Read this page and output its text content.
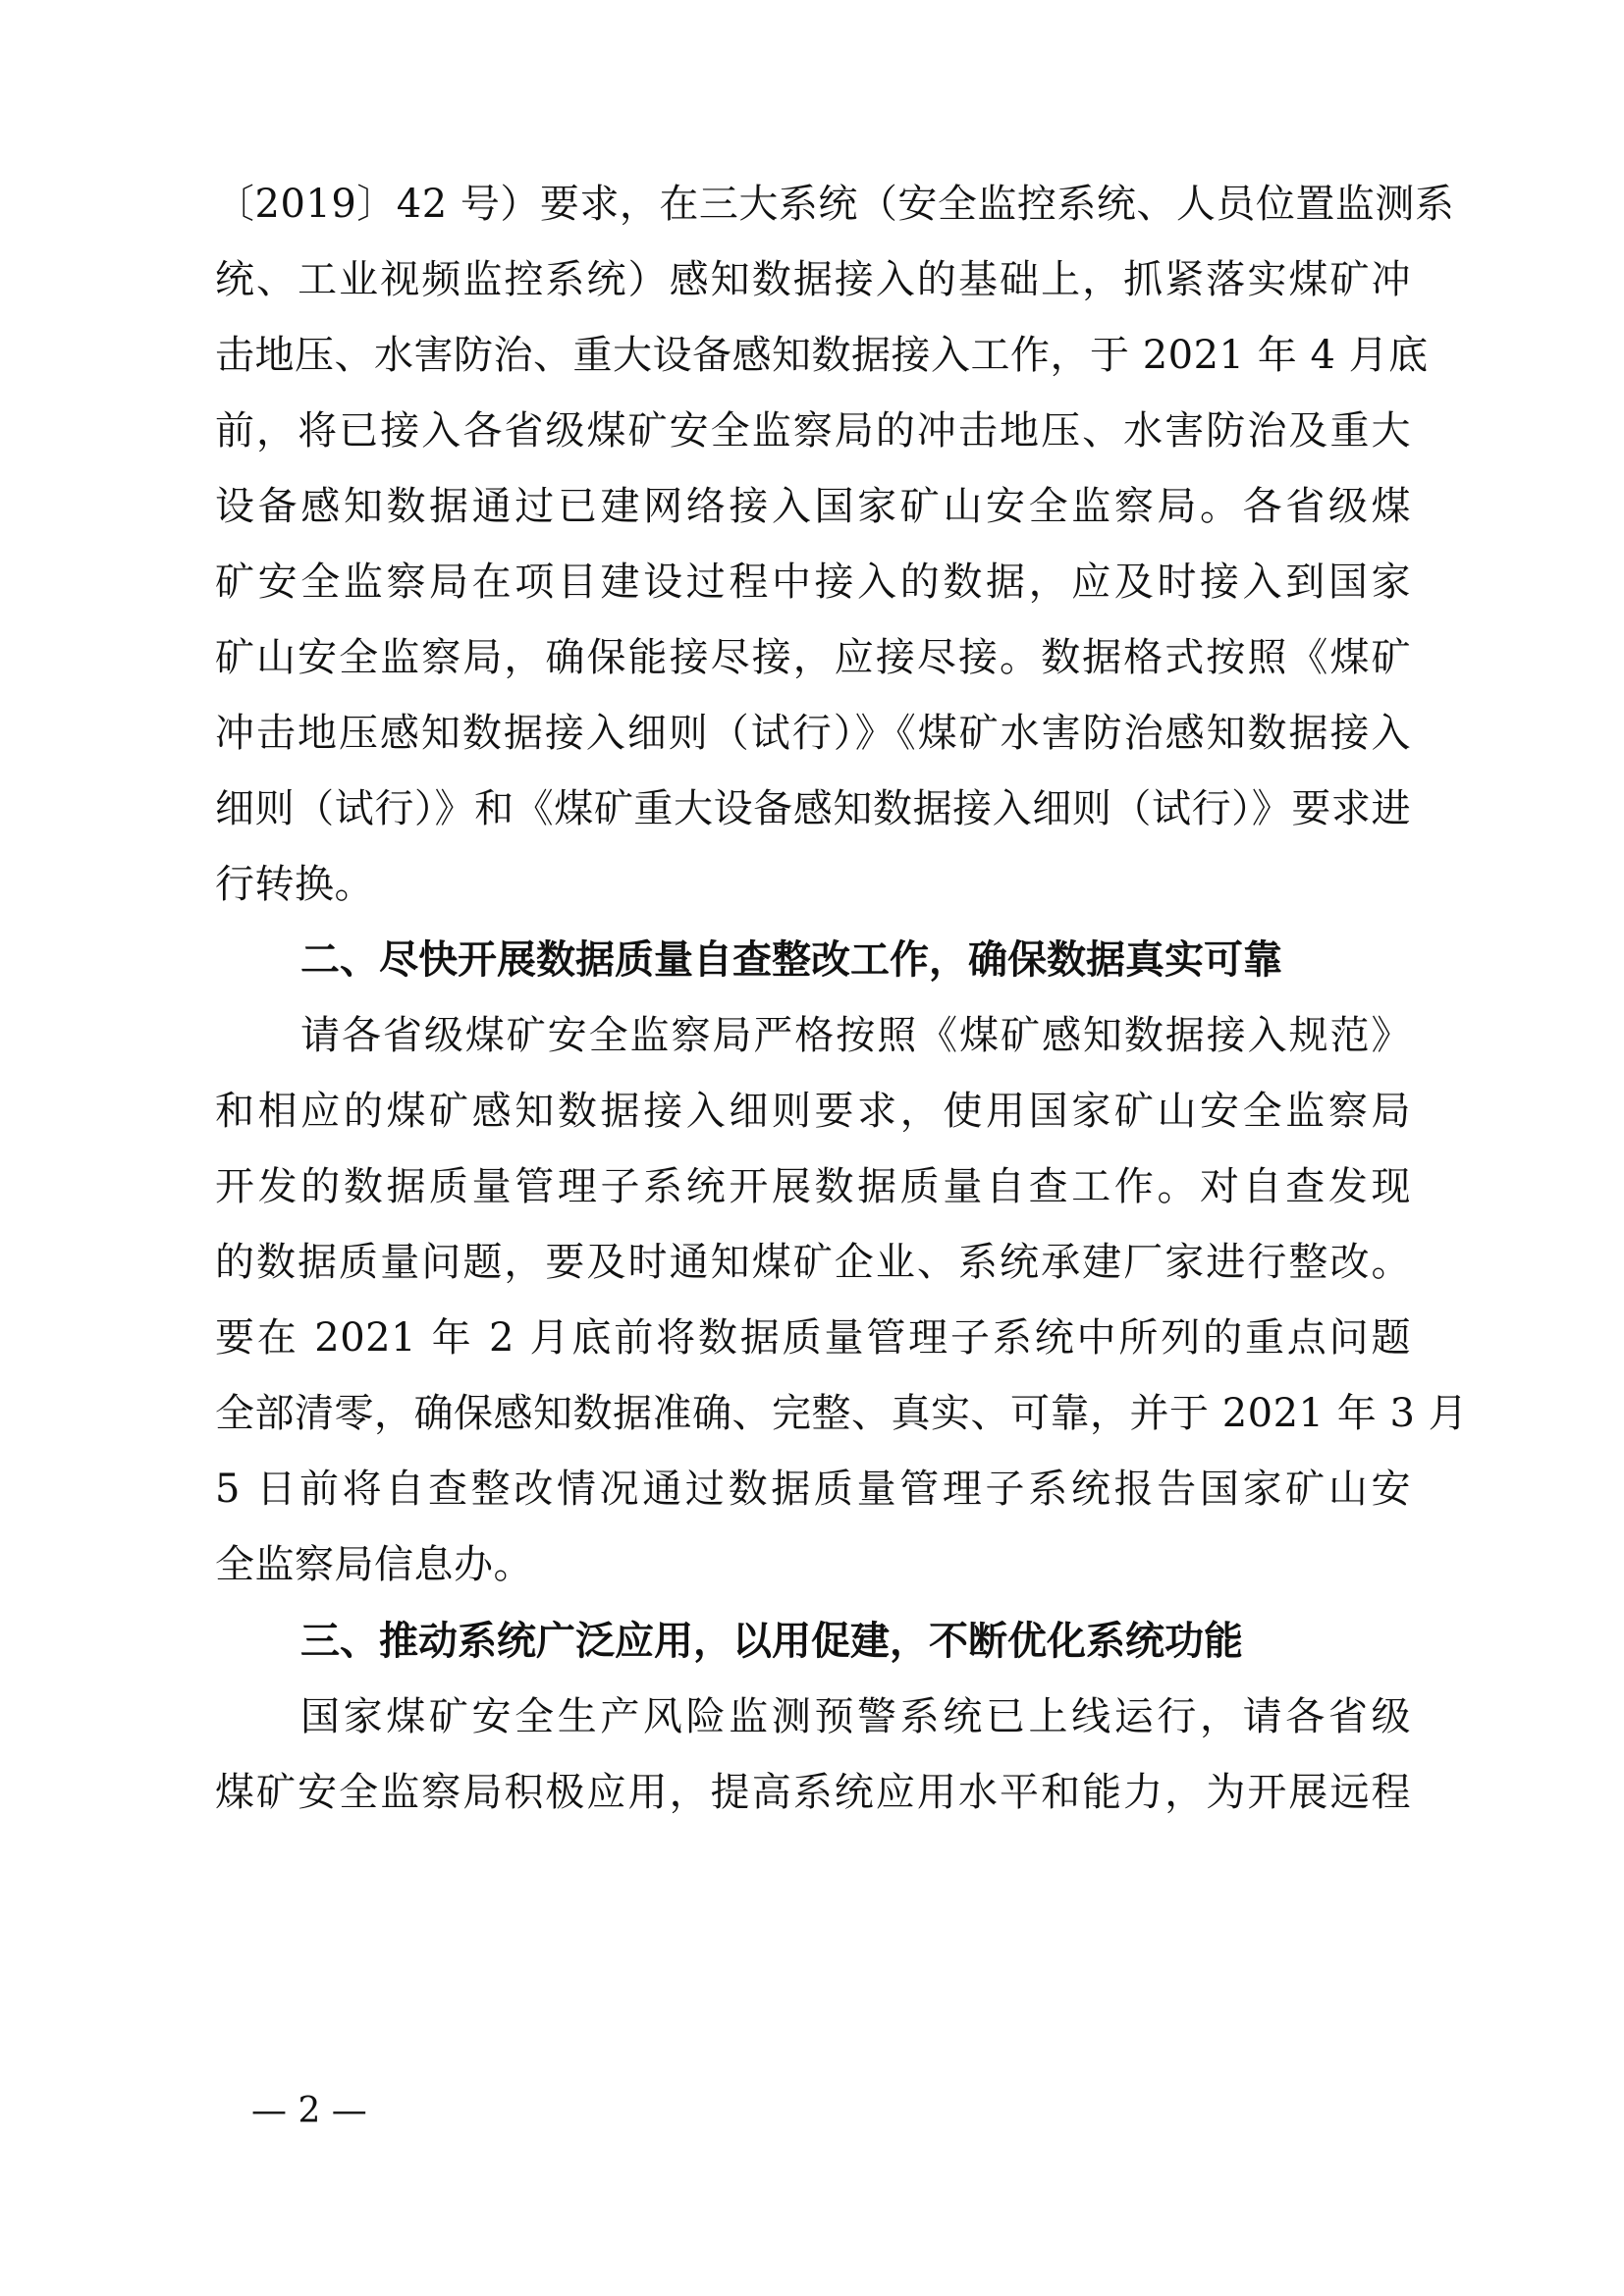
〔2019〕42 号）要求，在三大系统（安全监控系统、人员位置监测系

统、工业视频监控系统）感知数据接入的基础上，抓紧落实煤矿冲

击地压、水害防治、重大设备感知数据接入工作，于 2021 年 4 月底

前，将已接入各省级煤矿安全监察局的冲击地压、水害防治及重大

设备感知数据通过已建网络接入国家矿山安全监察局。各省级煤

矿安全监察局在项目建设过程中接入的数据，应及时接入到国家

矿山安全监察局，确保能接尽接，应接尽接。数据格式按照《煤矿

冲击地压感知数据接入细则（试行）》《煤矿水害防治感知数据接入

细则（试行）》和《煤矿重大设备感知数据接入细则（试行）》要求进

行转换。

二、尽快开展数据质量自查整改工作，确保数据真实可靠

请各省级煤矿安全监察局严格按照《煤矿感知数据接入规范》

和相应的煤矿感知数据接入细则要求，使用国家矿山安全监察局

开发的数据质量管理子系统开展数据质量自查工作。对自查发现

的数据质量问题，要及时通知煤矿企业、系统承建厂家进行整改。

要在 2021 年 2 月底前将数据质量管理子系统中所列的重点问题

全部清零，确保感知数据准确、完整、真实、可靠，并于 2021 年 3 月

5 日前将自查整改情况通过数据质量管理子系统报告国家矿山安

全监察局信息办。

三、推动系统广泛应用，以用促建，不断优化系统功能

国家煤矿安全生产风险监测预警系统已上线运行，请各省级

煤矿安全监察局积极应用，提高系统应用水平和能力，为开展远程

— 2 —
